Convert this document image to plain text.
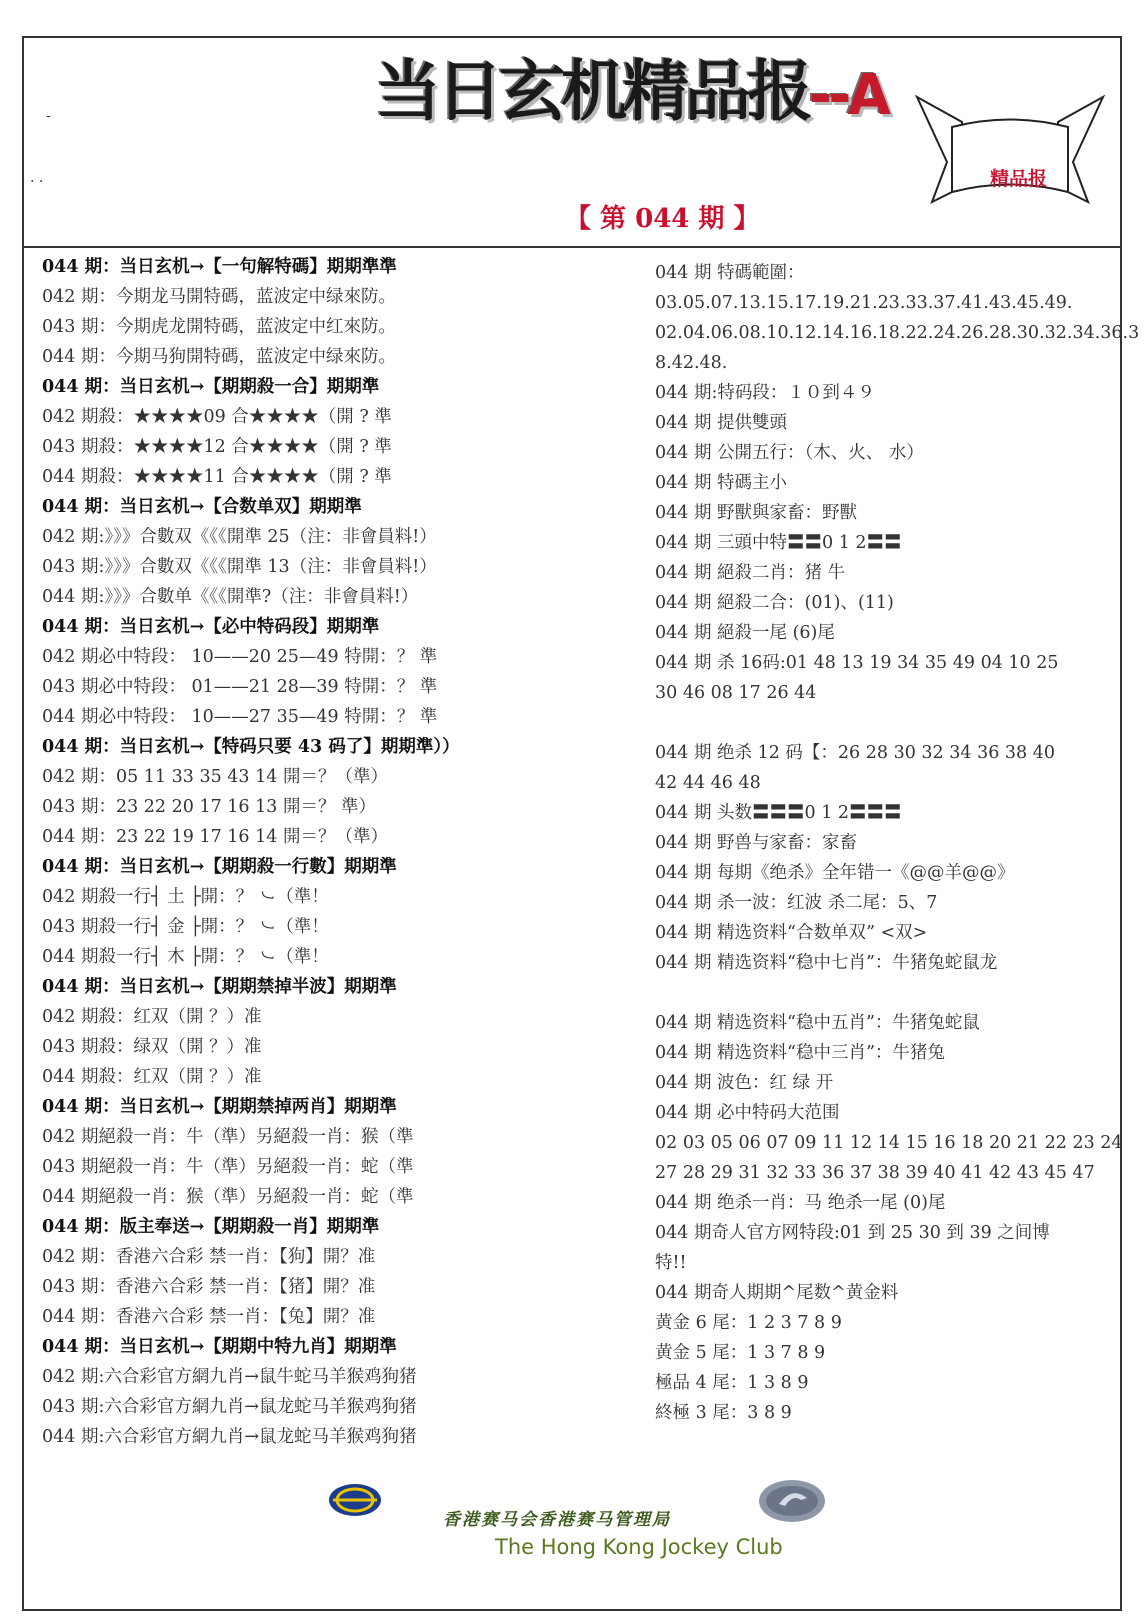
当日玄机精品报--A
-
. .	精品报
【 第 044 期 】
044 期：当日玄机→【一句解特碼】期期準準
042 期：今期龙马開特碼，蓝波定中绿來防。
043 期：今期虎龙開特碼，蓝波定中红來防。
044 期：今期马狗開特碼，蓝波定中绿來防。
044 期：当日玄机→【期期殺一合】期期準
042 期殺：★★★★09 合★★★★（開 ? 準
043 期殺：★★★★12 合★★★★（開 ? 準
044 期殺：★★★★11 合★★★★（開 ? 準
044 期：当日玄机→【合数单双】期期準
042 期:》》》合數双《《《開準 25（注：非會員料!）
043 期:》》》合數双《《《開準 13（注：非會員料!）
044 期:》》》合數单《《《開準?（注：非會員料!）
044 期：当日玄机→【必中特码段】期期準
042 期必中特段： 10——20 25—49 特開：？ 準
043 期必中特段： 01——21 28—39 特開：？ 準
044 期必中特段： 10——27 35—49 特開：？ 準
044 期：当日玄机→【特码只要 43 码了】期期準））
042 期：05 11 33 35 43 14 開＝？（準）
043 期：23 22 20 17 16 13 開＝？ 準）
044 期：23 22 19 17 16 14 開＝？（準）
044 期：当日玄机→【期期殺一行數】期期準
042 期殺一行┤ 土 ├開：？ ㇃（準！
043 期殺一行┤ 金 ├開：？ ㇃（準！
044 期殺一行┤ 木 ├開：？ ㇃（準！
044 期：当日玄机→【期期禁掉半波】期期準
042 期殺：红双（開 ？）准
043 期殺：绿双（開 ？）准
044 期殺：红双（開 ？）准
044 期：当日玄机→【期期禁掉两肖】期期準
042 期絕殺一肖：牛（準）另絕殺一肖：猴（準
043 期絕殺一肖：牛（準）另絕殺一肖：蛇（準
044 期絕殺一肖：猴（準）另絕殺一肖：蛇（準
044 期：版主奉送→【期期殺一肖】期期準
042 期：香港六合彩 禁一肖：【狗】開？准
043 期：香港六合彩 禁一肖：【猪】開？准
044 期：香港六合彩 禁一肖：【兔】開？准
044 期：当日玄机→【期期中特九肖】期期準
042 期:六合彩官方網九肖→鼠牛蛇马羊猴鸡狗猪
043 期:六合彩官方網九肖→鼠龙蛇马羊猴鸡狗猪
044 期:六合彩官方網九肖→鼠龙蛇马羊猴鸡狗猪
044 期 特碼範圍：
03.05.07.13.15.17.19.21.23.33.37.41.43.45.49.
02.04.06.08.10.12.14.16.18.22.24.26.28.30.32.34.36.3
8.42.48.
044 期:特码段：１０到４９
044 期 提供雙頭
044 期 公開五行：（木、火、 水）
044 期 特碼主小
044 期 野獸與家畜：野獸
044 期 三頭中特〓〓0 1 2〓〓
044 期 絕殺二肖：猪 牛
044 期 絕殺二合：(01)、(11)
044 期 絕殺一尾 (6)尾
044 期 杀 16码:01 48 13 19 34 35 49 04 10 25
30 46 08 17 26 44
044 期 绝杀 12 码【：26 28 30 32 34 36 38 40
42 44 46 48
044 期 头数〓〓〓0 1 2〓〓〓
044 期 野兽与家畜：家畜
044 期 每期《绝杀》全年错一《@@羊@@》
044 期 杀一波：红波 杀二尾：5、7
044 期 精选资料“合数单双” <双>
044 期 精选资料“稳中七肖”：牛猪兔蛇鼠龙
044 期 精选资料“稳中五肖”：牛猪兔蛇鼠
044 期 精选资料“稳中三肖”：牛猪兔
044 期 波色：红 绿 开
044 期 必中特码大范围
02 03 05 06 07 09 11 12 14 15 16 18 20 21 22 23 24
27 28 29 31 32 33 36 37 38 39 40 41 42 43 45 47
044 期 绝杀一肖：马 绝杀一尾 (0)尾
044 期奇人官方网特段:01 到 25 30 到 39 之间博
特!!
044 期奇人期期^尾数^黄金料
黄金 6 尾：1 2 3 7 8 9
黄金 5 尾：1 3 7 8 9
極品 4 尾：1 3 8 9
終極 3 尾：3 8 9
香港赛马会香港赛马管理局
The Hong Kong Jockey Club
